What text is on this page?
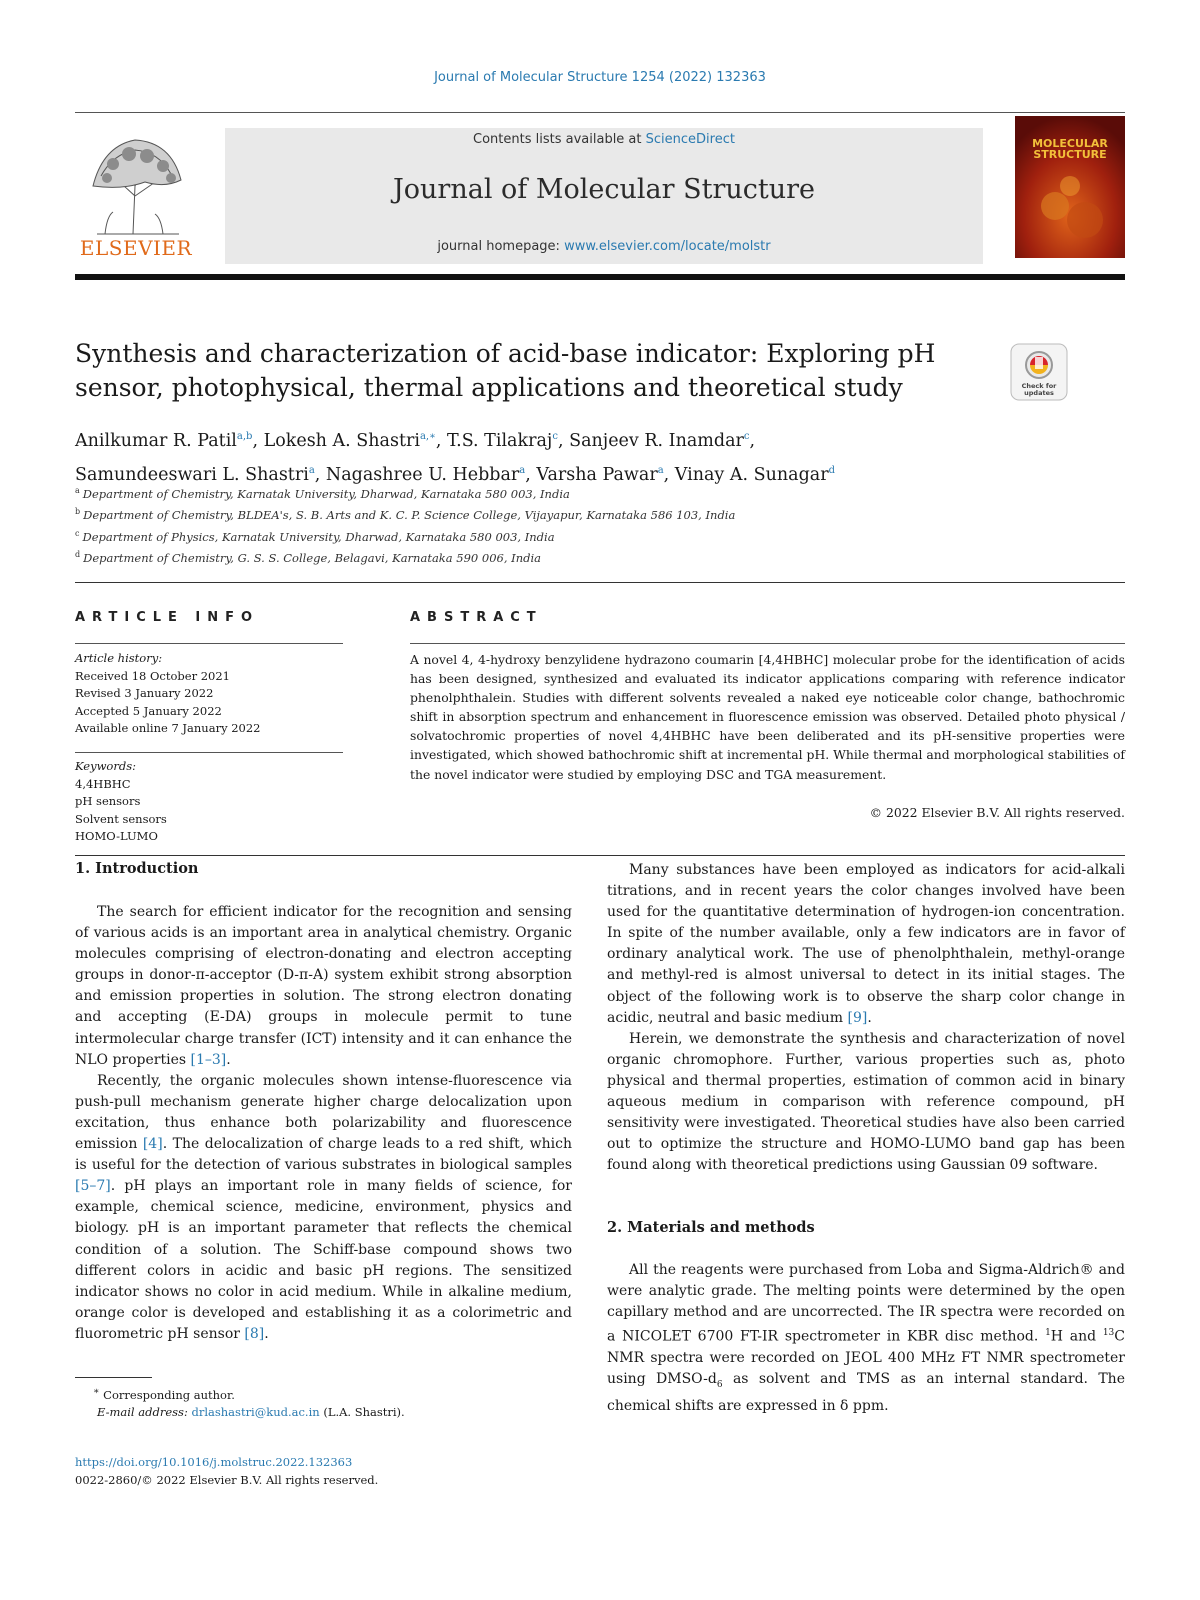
Journal of Molecular Structure 1254 (2022) 132363
ELSEVIER
Contents lists available at ScienceDirect
Journal of Molecular Structure
journal homepage: www.elsevier.com/locate/molstr
MOLECULAR STRUCTURE
Synthesis and characterization of acid-base indicator: Exploring pH sensor, photophysical, thermal applications and theoretical study	Check for updates
Anilkumar R. Patil$^{a,b}$, Lokesh A. Shastri$^{a,∗}$, T.S. Tilakraj$^c$, Sanjeev R. Inamdar$^c$,
Samundeeswari L. Shastri$^a$, Nagashree U. Hebbar$^a$, Varsha Pawar$^a$, Vinay A. Sunagar$^d$
$^a$ Department of Chemistry, Karnatak University, Dharwad, Karnataka 580 003, India
$^b$ Department of Chemistry, BLDEA's, S. B. Arts and K. C. P. Science College, Vijayapur, Karnataka 586 103, India
$^c$ Department of Physics, Karnatak University, Dharwad, Karnataka 580 003, India
$^d$ Department of Chemistry, G. S. S. College, Belagavi, Karnataka 590 006, India
ARTICLE INFO
Article history:
Received 18 October 2021
Revised 3 January 2022
Accepted 5 January 2022
Available online 7 January 2022
Keywords:
4,4HBHC
pH sensors
Solvent sensors
HOMO-LUMO
ABSTRACT
A novel 4, 4-hydroxy benzylidene hydrazono coumarin [4,4HBHC] molecular probe for the identification of acids has been designed, synthesized and evaluated its indicator applications comparing with reference indicator phenolphthalein. Studies with different solvents revealed a naked eye noticeable color change, bathochromic shift in absorption spectrum and enhancement in fluorescence emission was observed. Detailed photo physical / solvatochromic properties of novel 4,4HBHC have been deliberated and its pH-sensitive properties were investigated, which showed bathochromic shift at incremental pH. While thermal and morphological stabilities of the novel indicator were studied by employing DSC and TGA measurement.
© 2022 Elsevier B.V. All rights reserved.
1. Introduction

The search for efficient indicator for the recognition and sensing of various acids is an important area in analytical chemistry. Organic molecules comprising of electron-donating and electron accepting groups in donor-π-acceptor (D-π-A) system exhibit strong absorption and emission properties in solution. The strong electron donating and accepting (E-DA) groups in molecule permit to tune intermolecular charge transfer (ICT) intensity and it can enhance the NLO properties [1–3].

Recently, the organic molecules shown intense-fluorescence via push-pull mechanism generate higher charge delocalization upon excitation, thus enhance both polarizability and fluorescence emission [4]. The delocalization of charge leads to a red shift, which is useful for the detection of various substrates in biological samples [5–7]. pH plays an important role in many fields of science, for example, chemical science, medicine, environment, physics and biology. pH is an important parameter that reflects the chemical condition of a solution. The Schiff-base compound shows two different colors in acidic and basic pH regions. The sensitized indicator shows no color in acid medium. While in alkaline medium, orange color is developed and establishing it as a colorimetric and fluorometric pH sensor [8].

Many substances have been employed as indicators for acid-alkali titrations, and in recent years the color changes involved have been used for the quantitative determination of hydrogen-ion concentration. In spite of the number available, only a few indicators are in favor of ordinary analytical work. The use of phenolphthalein, methyl-orange and methyl-red is almost universal to detect in its initial stages. The object of the following work is to observe the sharp color change in acidic, neutral and basic medium [9].

Herein, we demonstrate the synthesis and characterization of novel organic chromophore. Further, various properties such as, photo physical and thermal properties, estimation of common acid in binary aqueous medium in comparison with reference compound, pH sensitivity were investigated. Theoretical studies have also been carried out to optimize the structure and HOMO-LUMO band gap has been found along with theoretical predictions using Gaussian 09 software.

2. Materials and methods

All the reagents were purchased from Loba and Sigma-Aldrich® and were analytic grade. The melting points were determined by the open capillary method and are uncorrected. The IR spectra were recorded on a NICOLET 6700 FT-IR spectrometer in KBR disc method. $^1$H and $^{13}$C NMR spectra were recorded on JEOL 400 MHz FT NMR spectrometer using DMSO-$d_6$ as solvent and TMS as an internal standard. The chemical shifts are expressed in δ ppm.

∗ Corresponding author.
E-mail address: drlashastri@kud.ac.in (L.A. Shastri).
https://doi.org/10.1016/j.molstruc.2022.132363
0022-2860/© 2022 Elsevier B.V. All rights reserved.
